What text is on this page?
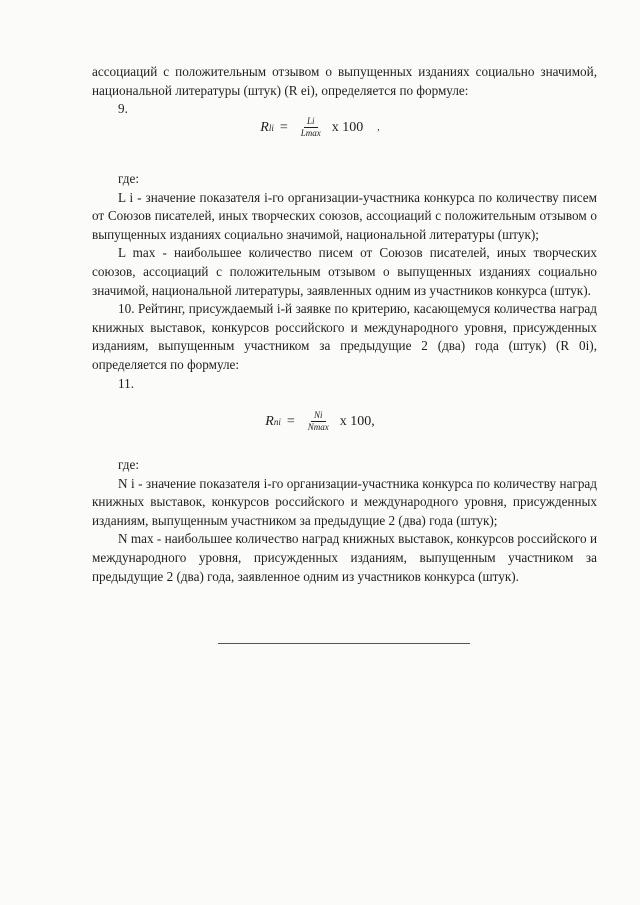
ассоциаций с положительным отзывом о выпущенных изданиях социально значимой, национальной литературы (штук) (R ei), определяется по формуле:

9.

R li = $\frac{Li}{Lmax}$ x 100 ,

где:

L i - значение показателя i-го организации-участника конкурса по количеству писем от Союзов писателей, иных творческих союзов, ассоциаций с положительным отзывом о выпущенных изданиях социально значимой, национальной литературы (штук);

L max - наибольшее количество писем от Союзов писателей, иных творческих союзов, ассоциаций с положительным отзывом о выпущенных изданиях социально значимой, национальной литературы, заявленных одним из участников конкурса (штук).

10. Рейтинг, присуждаемый i-й заявке по критерию, касающемуся количества наград книжных выставок, конкурсов российского и международного уровня, присужденных изданиям, выпущенным участником за предыдущие 2 (два) года (штук) (R 0i), определяется по формуле:

11.

R ni = $\frac{Ni}{Nmax}$ x 100,

где:

N i - значение показателя i-го организации-участника конкурса по количеству наград книжных выставок, конкурсов российского и международного уровня, присужденных изданиям, выпущенным участником за предыдущие 2 (два) года (штук);

N max - наибольшее количество наград книжных выставок, конкурсов российского и международного уровня, присужденных изданиям, выпущенным участником за предыдущие 2 (два) года, заявленное одним из участников конкурса (штук).
